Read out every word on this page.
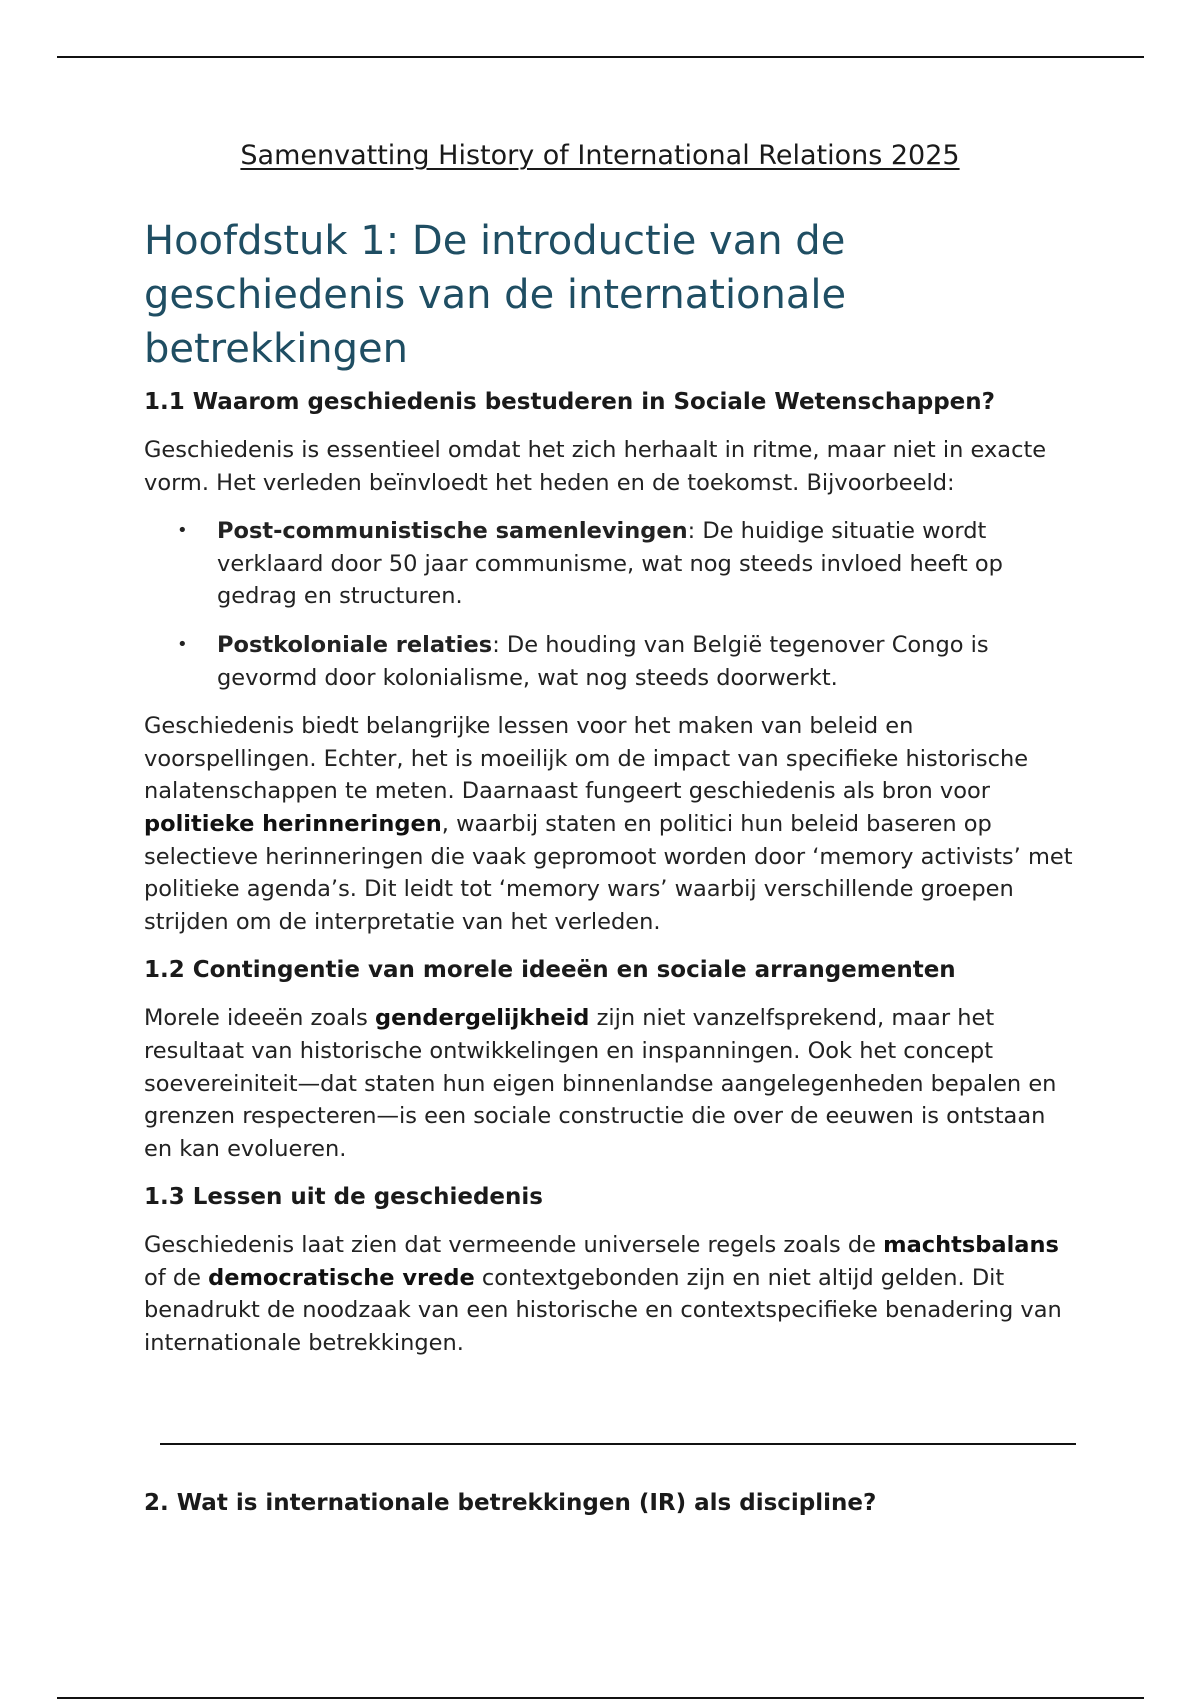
Samenvatting History of International Relations 2025
Hoofdstuk 1: De introductie van de geschiedenis van de internationale betrekkingen
1.1 Waarom geschiedenis bestuderen in Sociale Wetenschappen?

Geschiedenis is essentieel omdat het zich herhaalt in ritme, maar niet in exacte vorm. Het verleden beïnvloedt het heden en de toekomst. Bijvoorbeeld:

• Post-communistische samenlevingen: De huidige situatie wordt verklaard door 50 jaar communisme, wat nog steeds invloed heeft op gedrag en structuren.
• Postkoloniale relaties: De houding van België tegenover Congo is gevormd door kolonialisme, wat nog steeds doorwerkt.

Geschiedenis biedt belangrijke lessen voor het maken van beleid en voorspellingen. Echter, het is moeilijk om de impact van specifieke historische nalatenschappen te meten. Daarnaast fungeert geschiedenis als bron voor politieke herinneringen, waarbij staten en politici hun beleid baseren op selectieve herinneringen die vaak gepromoot worden door ‘memory activists’ met politieke agenda’s. Dit leidt tot ‘memory wars’ waarbij verschillende groepen strijden om de interpretatie van het verleden.

1.2 Contingentie van morele ideeën en sociale arrangementen

Morele ideeën zoals gendergelijkheid zijn niet vanzelfsprekend, maar het resultaat van historische ontwikkelingen en inspanningen. Ook het concept soevereiniteit—dat staten hun eigen binnenlandse aangelegenheden bepalen en grenzen respecteren—is een sociale constructie die over de eeuwen is ontstaan en kan evolueren.

1.3 Lessen uit de geschiedenis

Geschiedenis laat zien dat vermeende universele regels zoals de machtsbalans of de democratische vrede contextgebonden zijn en niet altijd gelden. Dit benadrukt de noodzaak van een historische en contextspecifieke benadering van internationale betrekkingen.

2. Wat is internationale betrekkingen (IR) als discipline?
